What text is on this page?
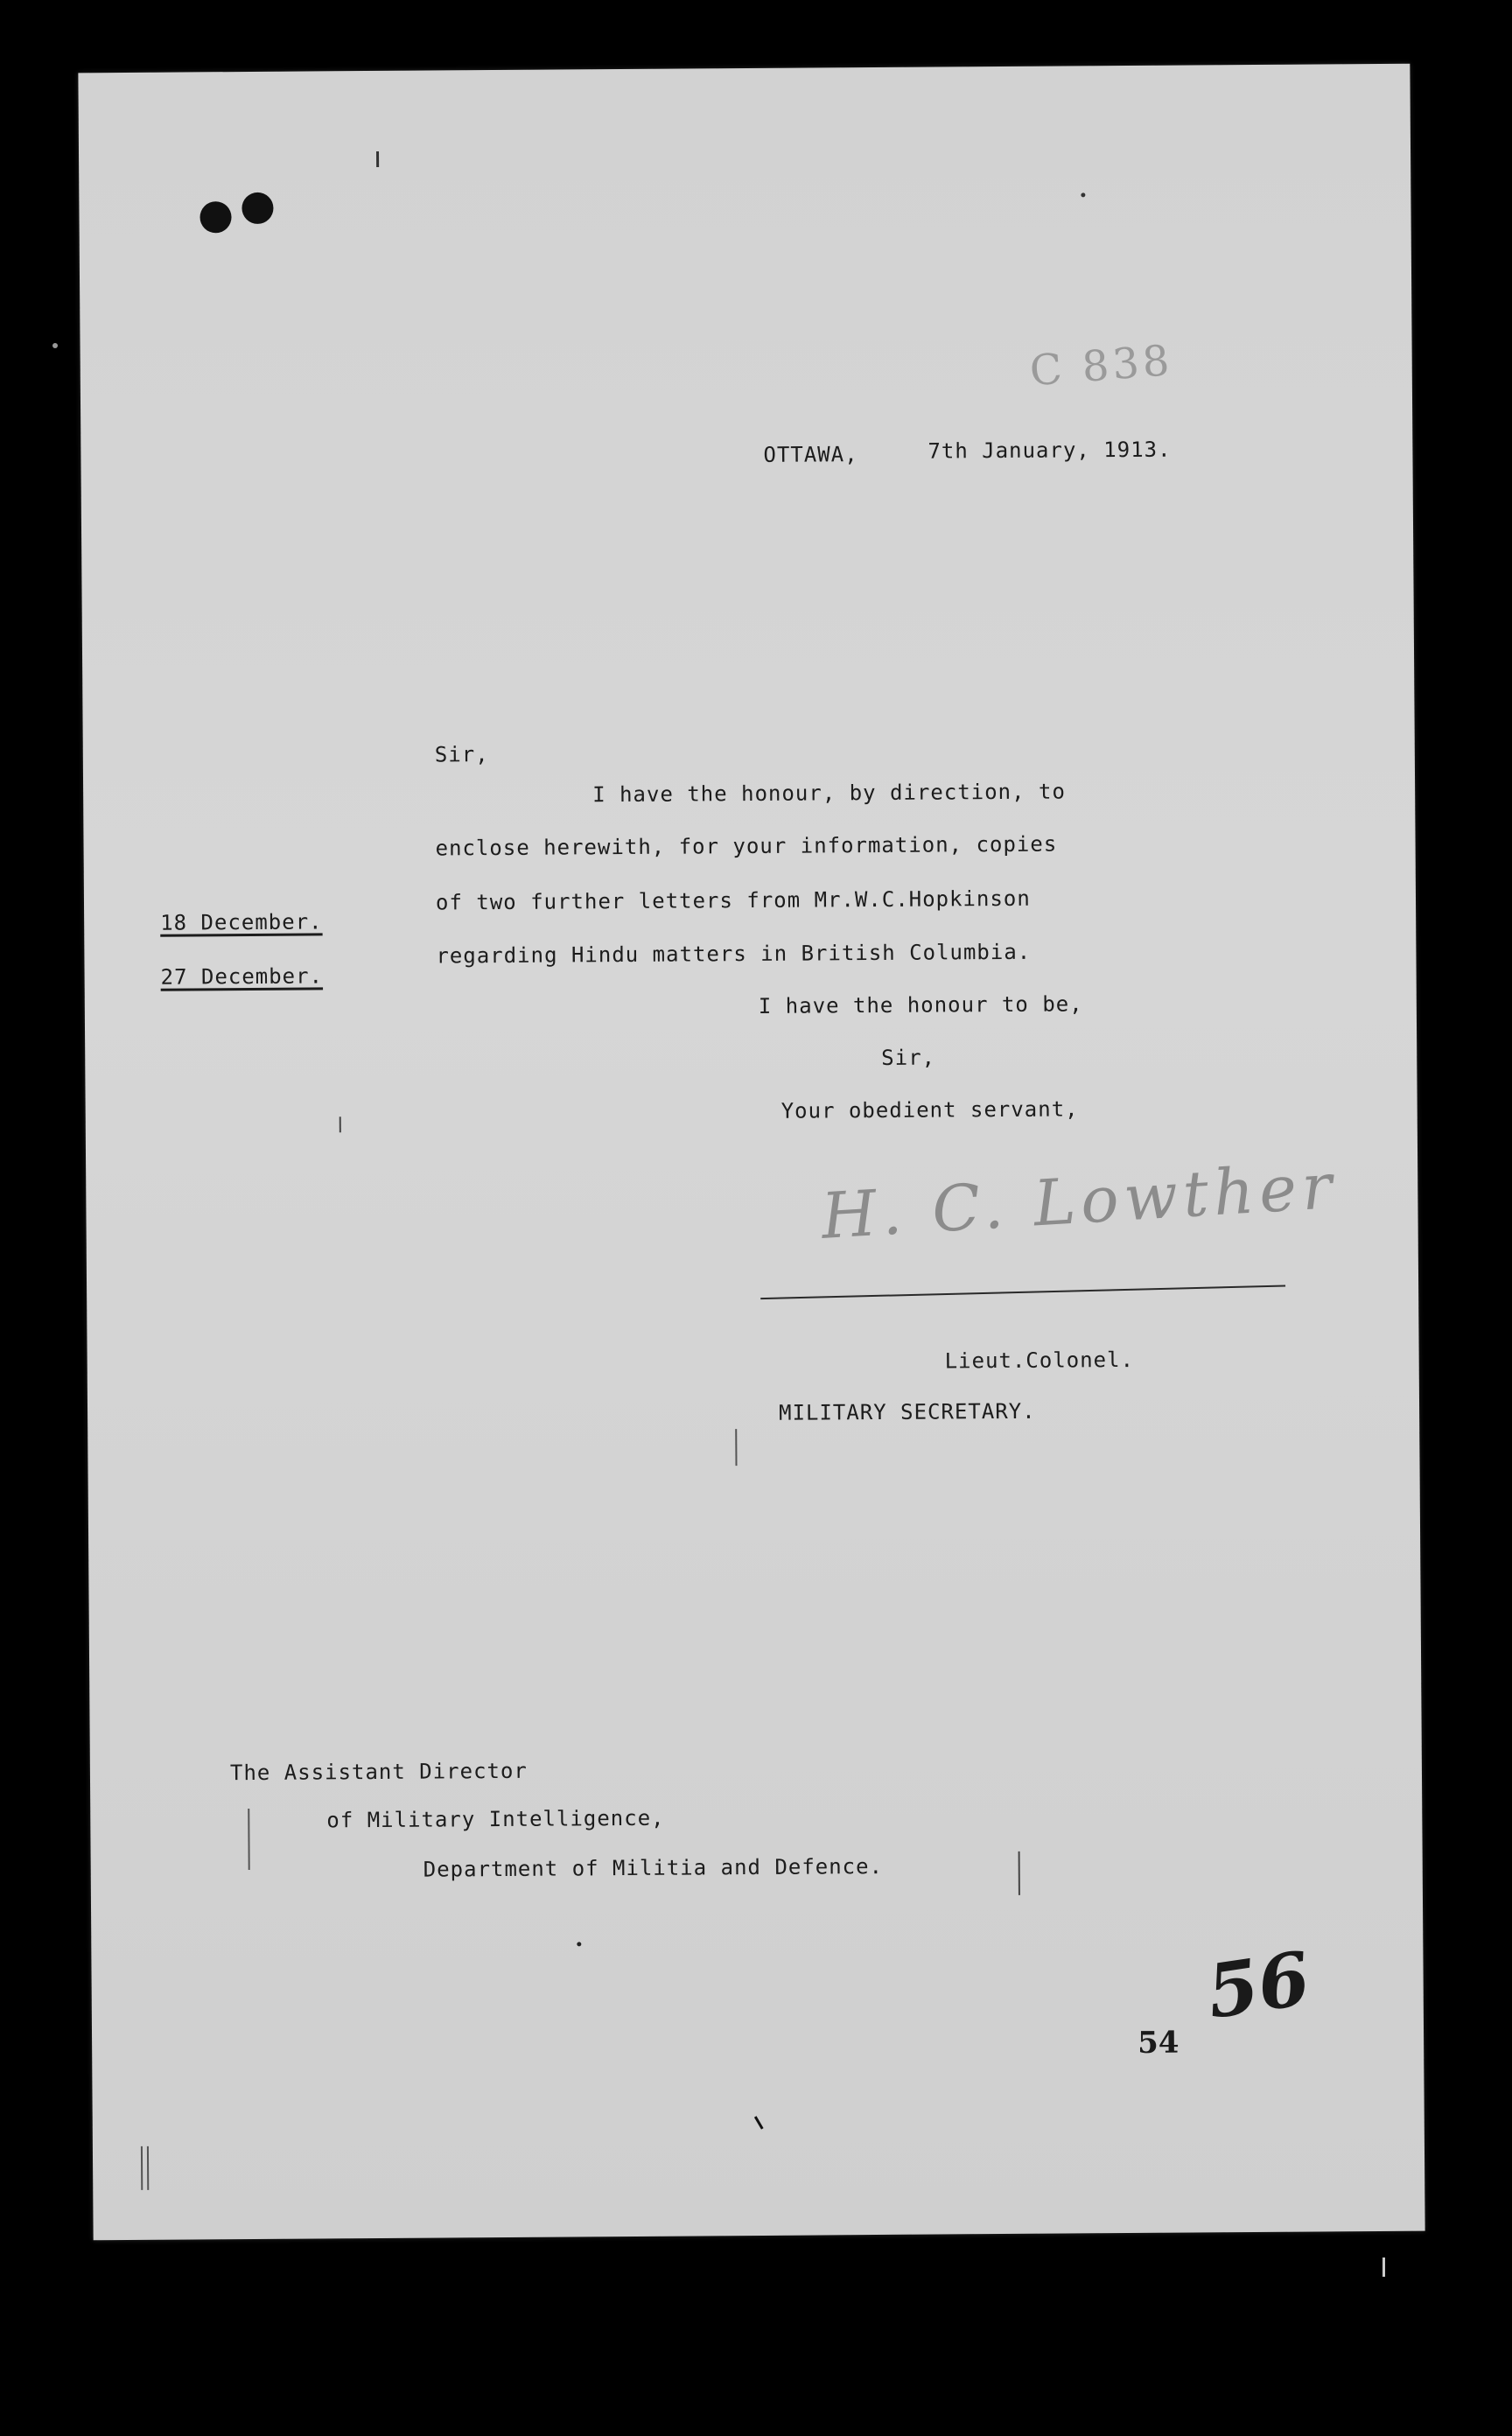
C 838
OTTAWA,	7th January, 1913.
Sir,
I have the honour, by direction, to
enclose herewith, for your information, copies
of two further letters from Mr.W.C.Hopkinson
regarding Hindu matters in British Columbia.
18 December.
27 December.
I have the honour to be,
Sir,
Your obedient servant,
H. C. Lowther
Lieut.Colonel.
MILITARY SECRETARY.
The Assistant Director
of Military Intelligence,
Department of Militia and Defence.
54
56
